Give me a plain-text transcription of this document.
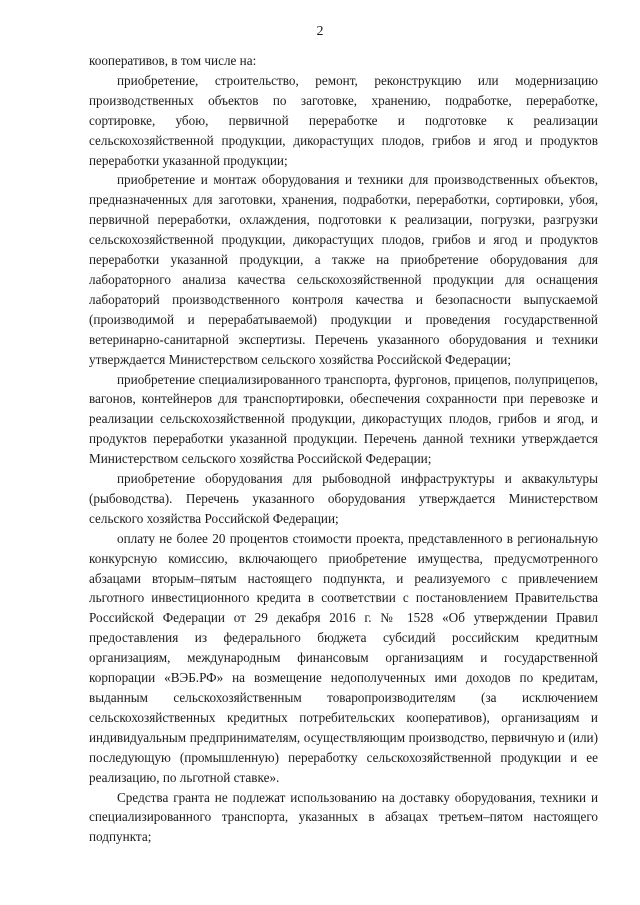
2

кооперативов, в том числе на:

приобретение, строительство, ремонт, реконструкцию или модернизацию производственных объектов по заготовке, хранению, подработке, переработке, сортировке, убою, первичной переработке и подготовке к реализации сельскохозяйственной продукции, дикорастущих плодов, грибов и ягод и продуктов переработки указанной продукции;

приобретение и монтаж оборудования и техники для производственных объектов, предназначенных для заготовки, хранения, подработки, переработки, сортировки, убоя, первичной переработки, охлаждения, подготовки к реализации, погрузки, разгрузки сельскохозяйственной продукции, дикорастущих плодов, грибов и ягод и продуктов переработки указанной продукции, а также на приобретение оборудования для лабораторного анализа качества сельскохозяйственной продукции для оснащения лабораторий производственного контроля качества и безопасности выпускаемой (производимой и перерабатываемой) продукции и проведения государственной ветеринарно-санитарной экспертизы. Перечень указанного оборудования и техники утверждается Министерством сельского хозяйства Российской Федерации;

приобретение специализированного транспорта, фургонов, прицепов, полуприцепов, вагонов, контейнеров для транспортировки, обеспечения сохранности при перевозке и реализации сельскохозяйственной продукции, дикорастущих плодов, грибов и ягод, и продуктов переработки указанной продукции. Перечень данной техники утверждается Министерством сельского хозяйства Российской Федерации;

приобретение оборудования для рыбоводной инфраструктуры и аквакультуры (рыбоводства). Перечень указанного оборудования утверждается Министерством сельского хозяйства Российской Федерации;

оплату не более 20 процентов стоимости проекта, представленного в региональную конкурсную комиссию, включающего приобретение имущества, предусмотренного абзацами вторым–пятым настоящего подпункта, и реализуемого с привлечением льготного инвестиционного кредита в соответствии с постановлением Правительства Российской Федерации от 29 декабря 2016 г. № 1528 «Об утверждении Правил предоставления из федерального бюджета субсидий российским кредитным организациям, международным финансовым организациям и государственной корпорации «ВЭБ.РФ» на возмещение недополученных ими доходов по кредитам, выданным сельскохозяйственным товаропроизводителям (за исключением сельскохозяйственных кредитных потребительских кооперативов), организациям и индивидуальным предпринимателям, осуществляющим производство, первичную и (или) последующую (промышленную) переработку сельскохозяйственной продукции и ее реализацию, по льготной ставке».

Средства гранта не подлежат использованию на доставку оборудования, техники и специализированного транспорта, указанных в абзацах третьем–пятом настоящего подпункта;
